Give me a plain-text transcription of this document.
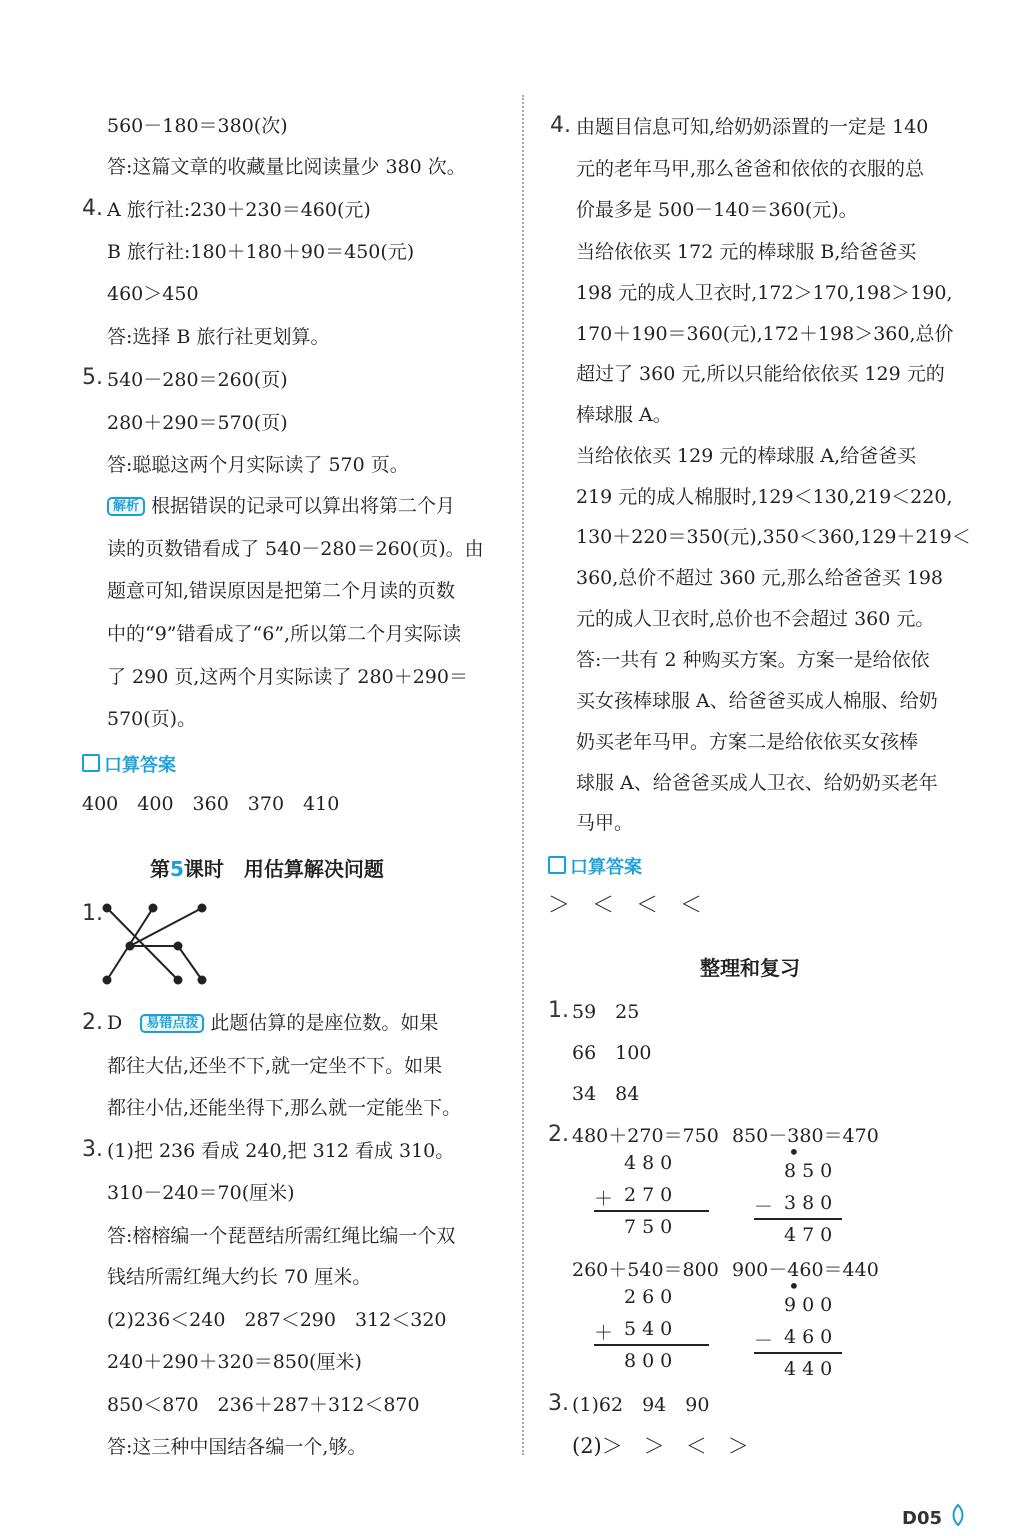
560－180＝380(次)
答:这篇文章的收藏量比阅读量少 380 次。
4. A 旅行社:230＋230＝460(元)
B 旅行社:180＋180＋90＝450(元)
460＞450
答:选择 B 旅行社更划算。
5. 540－280＝260(页)
280＋290＝570(页)
答:聪聪这两个月实际读了 570 页。
解析 根据错误的记录可以算出将第二个月
读的页数错看成了 540－280＝260(页)。由
题意可知,错误原因是把第二个月读的页数
中的“9”错看成了“6”,所以第二个月实际读
了 290 页,这两个月实际读了 280＋290＝
570(页)。
口算答案
400　400　360　370　410
第5课时　用估算解决问题
1.
2. D 易错点拨 此题估算的是座位数。如果
都往大估,还坐不下,就一定坐不下。如果
都往小估,还能坐得下,那么就一定能坐下。
3. (1)把 236 看成 240,把 312 看成 310。
310－240＝70(厘米)
答:榕榕编一个琵琶结所需红绳比编一个双
钱结所需红绳大约长 70 厘米。
(2)236＜240　287＜290　312＜320
240＋290＋320＝850(厘米)
850＜870　236＋287＋312＜870
答:这三种中国结各编一个,够。
4. 由题目信息可知,给奶奶添置的一定是 140
元的老年马甲,那么爸爸和依依的衣服的总
价最多是 500－140＝360(元)。
当给依依买 172 元的棒球服 B,给爸爸买
198 元的成人卫衣时,172＞170,198＞190,
170＋190＝360(元),172＋198＞360,总价
超过了 360 元,所以只能给依依买 129 元的
棒球服 A。
当给依依买 129 元的棒球服 A,给爸爸买
219 元的成人棉服时,129＜130,219＜220,
130＋220＝350(元),350＜360,129＋219＜
360,总价不超过 360 元,那么给爸爸买 198
元的成人卫衣时,总价也不会超过 360 元。
答:一共有 2 种购买方案。方案一是给依依
买女孩棒球服 A、给爸爸买成人棉服、给奶
奶买老年马甲。方案二是给依依买女孩棒
球服 A、给爸爸买成人卫衣、给奶奶买老年
马甲。
口算答案
＞　＜　＜　＜
整理和复习
1. 59　25
66　100
34　84
2. 480＋270＝750 850－380＝470
480
＋ 270
750
•
850
－ 380
470
260＋540＝800 900－460＝440
260
＋ 540
800
•
900
－ 460
440
3. (1)62　94　90
(2)＞　＞　＜　＞
D05
